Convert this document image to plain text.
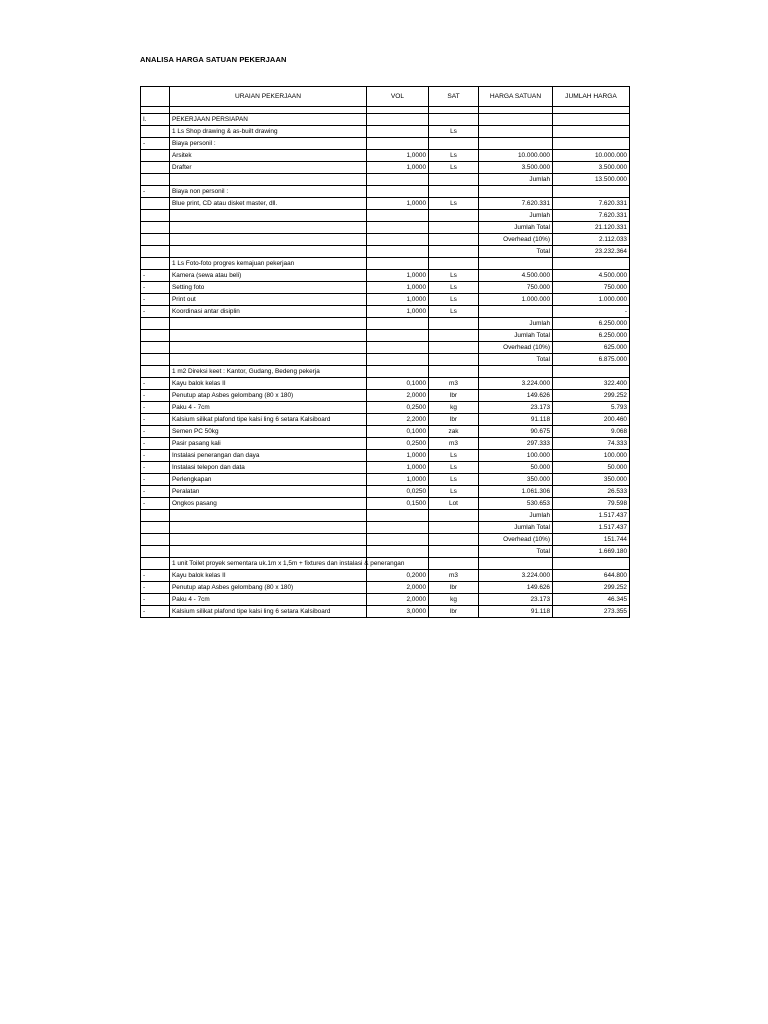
ANALISA HARGA SATUAN PEKERJAAN
	URAIAN PEKERJAAN	VOL	SAT	HARGA SATUAN	JUMLAH HARGA

I.	PEKERJAAN PERSIAPAN				
	1 Ls Shop drawing & as-built drawing		Ls		
-	Biaya personil :				
	Arsitek	1,0000	Ls	10.000.000	10.000.000
	Drafter	1,0000	Ls	3.500.000	3.500.000
				Jumlah	13.500.000
-	Biaya non personil :				
	Blue print, CD atau disket master, dll.	1,0000	Ls	7.620.331	7.620.331
				Jumlah	7.620.331
				Jumlah Total	21.120.331
				Overhead (10%)	2.112.033
				Total	23.232.364
	1 Ls Foto-foto progres kemajuan pekerjaan				
-	Kamera (sewa atau beli)	1,0000	Ls	4.500.000	4.500.000
-	Setting foto	1,0000	Ls	750.000	750.000
-	Print out	1,0000	Ls	1.000.000	1.000.000
-	Koordinasi antar disiplin	1,0000	Ls		-
				Jumlah	6.250.000
				Jumlah Total	6.250.000
				Overhead (10%)	625.000
				Total	6.875.000
	1 m2 Direksi keet : Kantor, Gudang, Bedeng pekerja				
-	Kayu balok kelas II	0,1000	m3	3.224.000	322.400
-	Penutup atap Asbes gelombang (80 x 180)	2,0000	lbr	149.626	299.252
-	Paku 4 - 7cm	0,2500	kg	23.173	5.793
-	Kalsium silikat plafond tipe kalsi ling 6 setara Kalsiboard	2,2000	lbr	91.118	200.460
-	Semen PC 50kg	0,1000	zak	90.675	9.068
-	Pasir pasang kali	0,2500	m3	297.333	74.333
-	Instalasi penerangan dan daya	1,0000	Ls	100.000	100.000
-	Instalasi telepon dan data	1,0000	Ls	50.000	50.000
-	Perlengkapan	1,0000	Ls	350.000	350.000
-	Peralatan	0,0250	Ls	1.061.306	26.533
-	Ongkos pasang	0,1500	Lot	530.653	79.598
				Jumlah	1.517.437
				Jumlah Total	1.517.437
				Overhead (10%)	151.744
				Total	1.669.180
	1 unit Toilet proyek sementara uk.1m x 1,5m + fixtures dan instalasi & penerangan				
-	Kayu balok kelas II	0,2000	m3	3.224.000	644.800
-	Penutup atap Asbes gelombang (80 x 180)	2,0000	lbr	149.626	299.252
-	Paku 4 - 7cm	2,0000	kg	23.173	46.345
-	Kalsium silikat plafond tipe kalsi ling 6 setara Kalsiboard	3,0000	lbr	91.118	273.355
